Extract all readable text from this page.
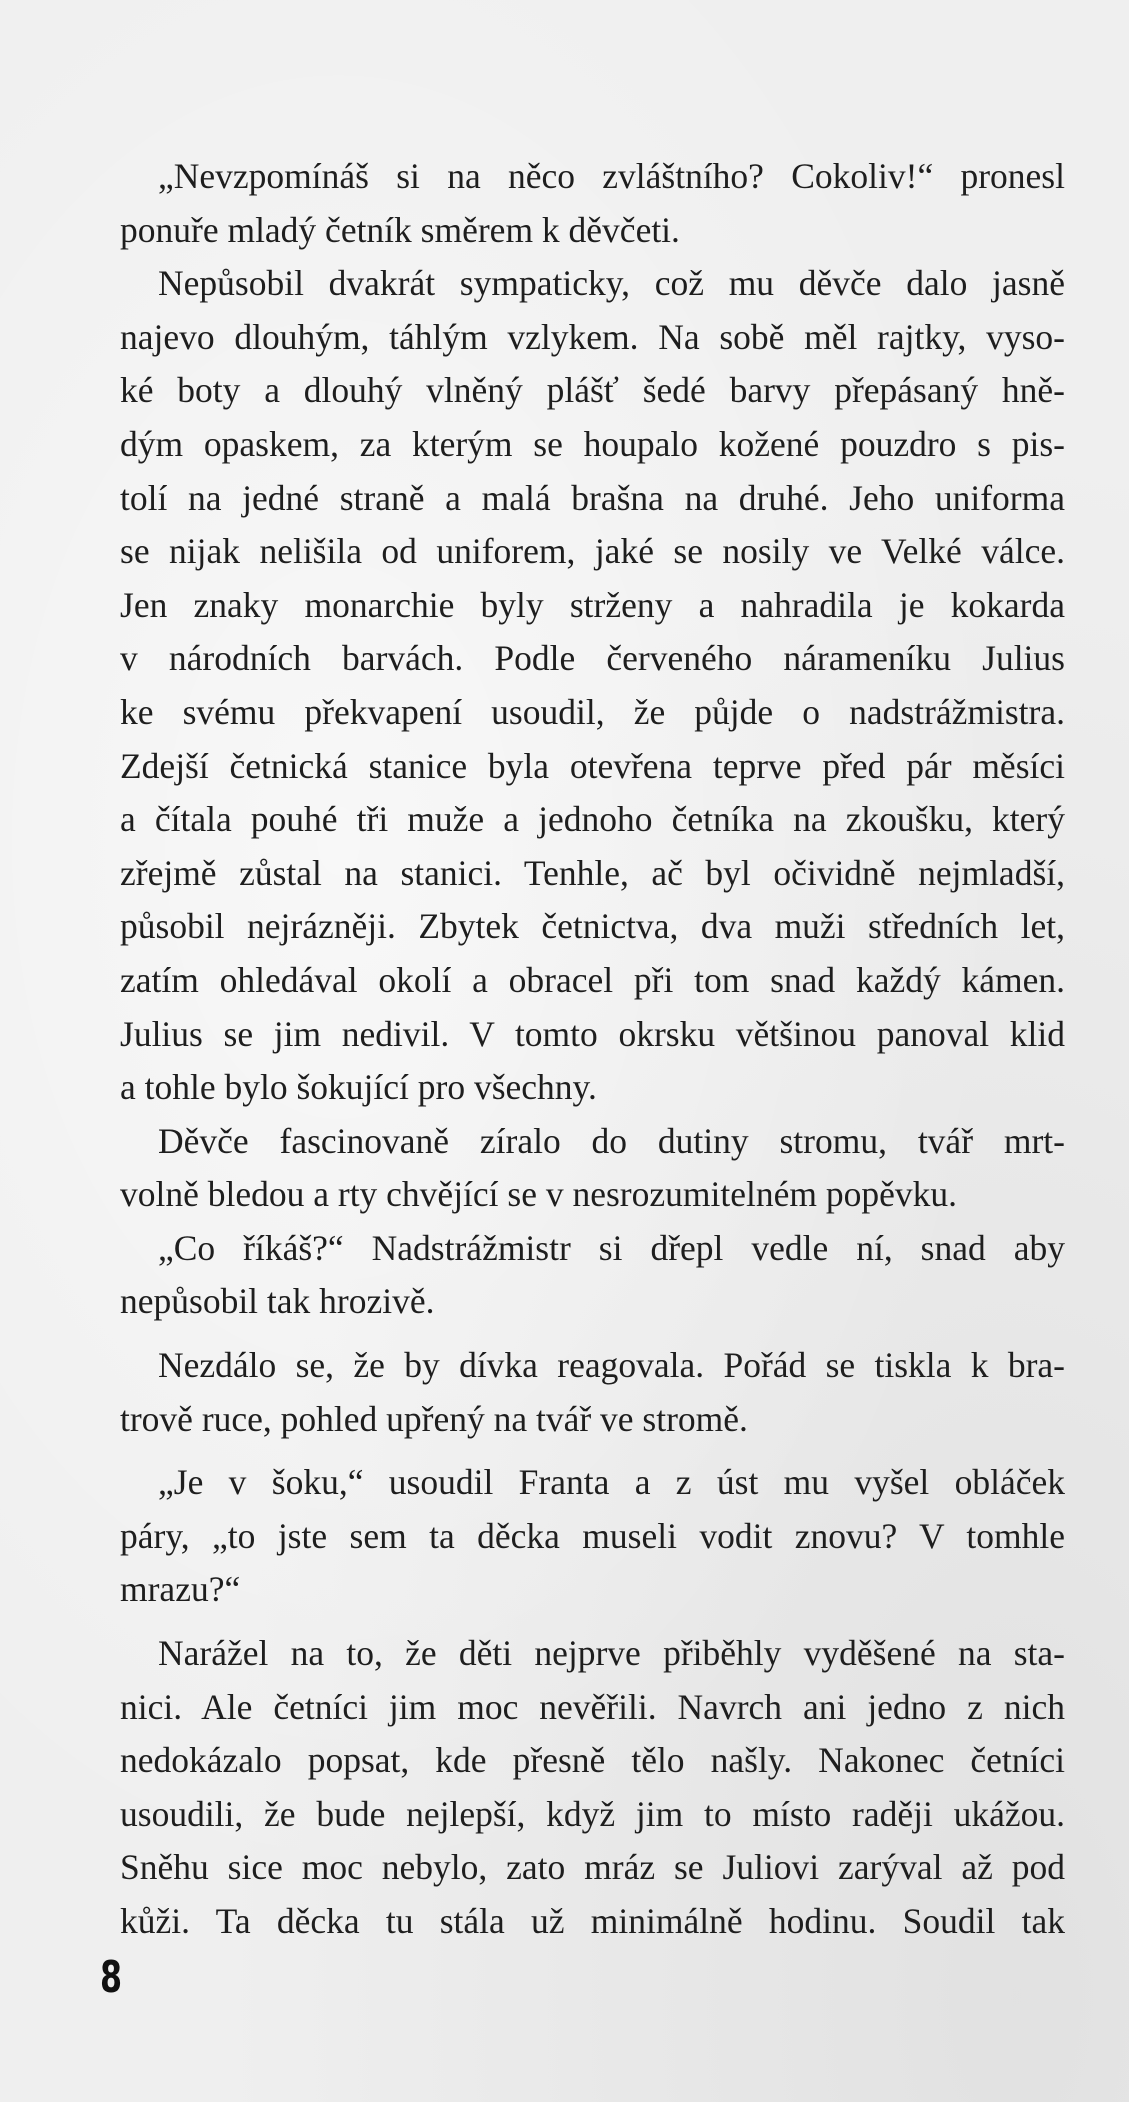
„Nevzpomínáš si na něco zvláštního? Cokoliv!“ pronesl
ponuře mladý četník směrem k děvčeti.
Nepůsobil dvakrát sympaticky, což mu děvče dalo jasně
najevo dlouhým, táhlým vzlykem. Na sobě měl rajtky, vyso-
ké boty a dlouhý vlněný plášť šedé barvy přepásaný hně-
dým opaskem, za kterým se houpalo kožené pouzdro s pis-
tolí na jedné straně a malá brašna na druhé. Jeho uniforma
se nijak nelišila od uniforem, jaké se nosily ve Velké válce.
Jen znaky monarchie byly strženy a nahradila je kokarda
v národních barvách. Podle červeného nárameníku Julius
ke svému překvapení usoudil, že půjde o nadstrážmistra.
Zdejší četnická stanice byla otevřena teprve před pár měsíci
a čítala pouhé tři muže a jednoho četníka na zkoušku, který
zřejmě zůstal na stanici. Tenhle, ač byl očividně nejmladší,
působil nejrázněji. Zbytek četnictva, dva muži středních let,
zatím ohledával okolí a obracel při tom snad každý kámen.
Julius se jim nedivil. V tomto okrsku většinou panoval klid
a tohle bylo šokující pro všechny.
Děvče fascinovaně zíralo do dutiny stromu, tvář mrt-
volně bledou a rty chvějící se v nesrozumitelném popěvku.
„Co říkáš?“ Nadstrážmistr si dřepl vedle ní, snad aby
nepůsobil tak hrozivě.
Nezdálo se, že by dívka reagovala. Pořád se tiskla k bra-
trově ruce, pohled upřený na tvář ve stromě.
„Je v šoku,“ usoudil Franta a z úst mu vyšel obláček
páry, „to jste sem ta děcka museli vodit znovu? V tomhle
mrazu?“
Narážel na to, že děti nejprve přiběhly vyděšené na sta-
nici. Ale četníci jim moc nevěřili. Navrch ani jedno z nich
nedokázalo popsat, kde přesně tělo našly. Nakonec četníci
usoudili, že bude nejlepší, když jim to místo raději ukážou.
Sněhu sice moc nebylo, zato mráz se Juliovi zarýval až pod
kůži. Ta děcka tu stála už minimálně hodinu. Soudil tak
8
